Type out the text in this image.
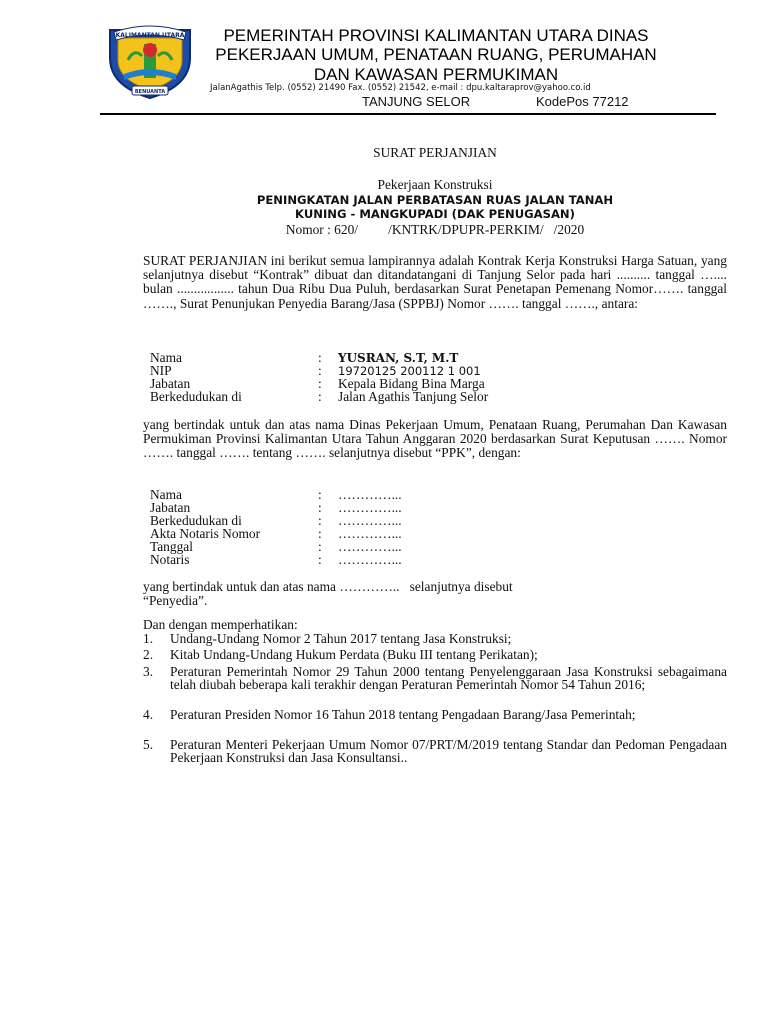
KALIMANTAN UTARA
BENUANTA
PEMERINTAH PROVINSI KALIMANTAN UTARA DINAS
PEKERJAAN UMUM, PENATAAN RUANG, PERUMAHAN
DAN KAWASAN PERMUKIMAN
JalanAgathis Telp. (0552) 21490 Fax. (0552) 21542, e-mail : dpu.kaltaraprov@yahoo.co.id
TANJUNG SELOR	KodePos 77212
SURAT PERJANJIAN
Pekerjaan Konstruksi
PENINGKATAN JALAN PERBATASAN RUAS JALAN TANAH
KUNING - MANGKUPADI (DAK PENUGASAN)
Nomor : 620/         /KNTRK/DPUPR-PERKIM/   /2020
SURAT PERJANJIAN ini berikut semua lampirannya adalah Kontrak Kerja Konstruksi Harga Satuan, yang selanjutnya disebut “Kontrak” dibuat dan ditandatangani di Tanjung Selor pada hari .......... tanggal ….... bulan ................. tahun Dua Ribu Dua Puluh, berdasarkan Surat Penetapan Pemenang Nomor……. tanggal ……., Surat Penunjukan Penyedia Barang/Jasa (SPPBJ) Nomor ……. tanggal ……., antara:
Nama	: YUSRAN, S.T, M.T
NIP	: 19720125 200112 1 001
Jabatan	: Kepala Bidang Bina Marga
Berkedudukan di	: Jalan Agathis Tanjung Selor
yang bertindak untuk dan atas nama Dinas Pekerjaan Umum, Penataan Ruang, Perumahan Dan Kawasan Permukiman Provinsi Kalimantan Utara Tahun Anggaran 2020 berdasarkan Surat Keputusan ……. Nomor ……. tanggal ……. tentang ……. selanjutnya disebut “PPK”, dengan:
Nama	: …………...
Jabatan	: …………...
Berkedudukan di	: …………...
Akta Notaris Nomor	: …………...
Tanggal	: …………...
Notaris	: …………...
yang bertindak untuk dan atas nama …………..   selanjutnya disebut
“Penyedia”.
Dan dengan memperhatikan:
1. Undang-Undang Nomor 2 Tahun 2017 tentang Jasa Konstruksi;
2. Kitab Undang-Undang Hukum Perdata (Buku III tentang Perikatan);
3. Peraturan Pemerintah Nomor 29 Tahun 2000 tentang Penyelenggaraan Jasa Konstruksi sebagaimana telah diubah beberapa kali terakhir dengan Peraturan Pemerintah Nomor 54 Tahun 2016;
4. Peraturan Presiden Nomor 16 Tahun 2018 tentang Pengadaan Barang/Jasa Pemerintah;
5. Peraturan Menteri Pekerjaan Umum Nomor 07/PRT/M/2019 tentang Standar dan Pedoman Pengadaan Pekerjaan Konstruksi dan Jasa Konsultansi..
